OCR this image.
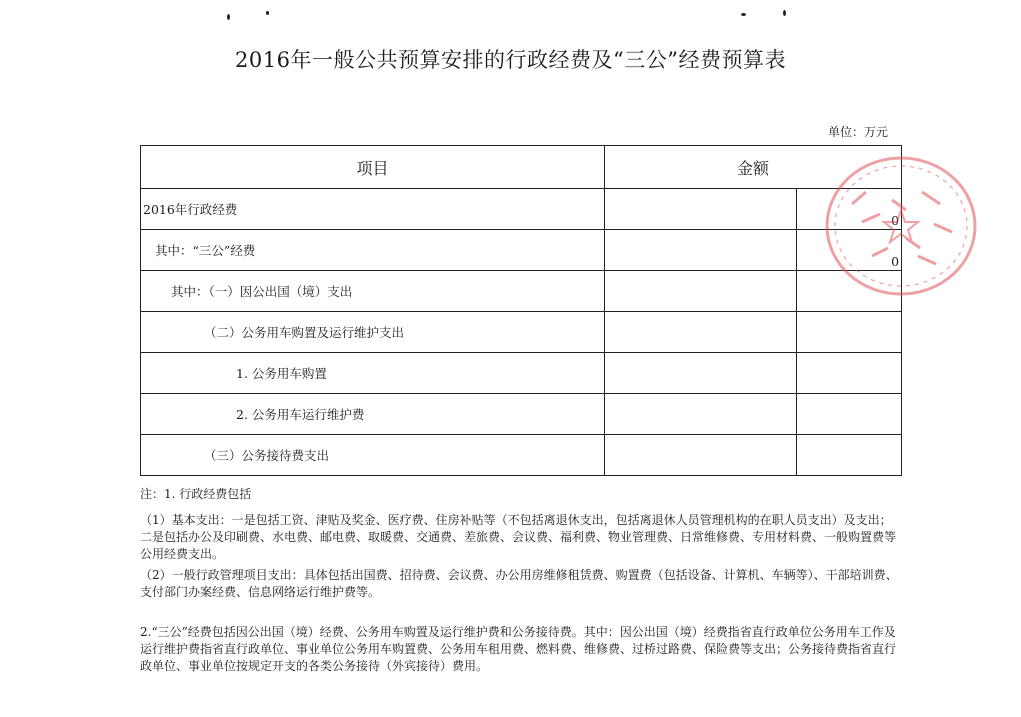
2016年一般公共预算安排的行政经费及“三公”经费预算表
单位：万元
项目	金额	

2016年行政经费		0

其中：“三公”经费		0

其中：（一）因公出国（境）支出		

（二）公务用车购置及运行维护支出		

1. 公务用车购置		

2. 公务用车运行维护费		

（三）公务接待费支出		

注：1. 行政经费包括

（1）基本支出：一是包括工资、津贴及奖金、医疗费、住房补贴等（不包括离退休支出，包括离退休人员管理机构的在职人员支出）及支出；二是包括办公及印刷费、水电费、邮电费、取暖费、交通费、差旅费、会议费、福利费、物业管理费、日常维修费、专用材料费、一般购置费等公用经费支出。

（2）一般行政管理项目支出：具体包括出国费、招待费、会议费、办公用房维修租赁费、购置费（包括设备、计算机、车辆等）、干部培训费、支付部门办案经费、信息网络运行维护费等。

2.“三公”经费包括因公出国（境）经费、公务用车购置及运行维护费和公务接待费。其中：因公出国（境）经费指省直行政单位公务用车工作及运行维护费指省直行政单位、事业单位公务用车购置费、公务用车租用费、燃料费、维修费、过桥过路费、保险费等支出；公务接待费指省直行政单位、事业单位按规定开支的各类公务接待（外宾接待）费用。
